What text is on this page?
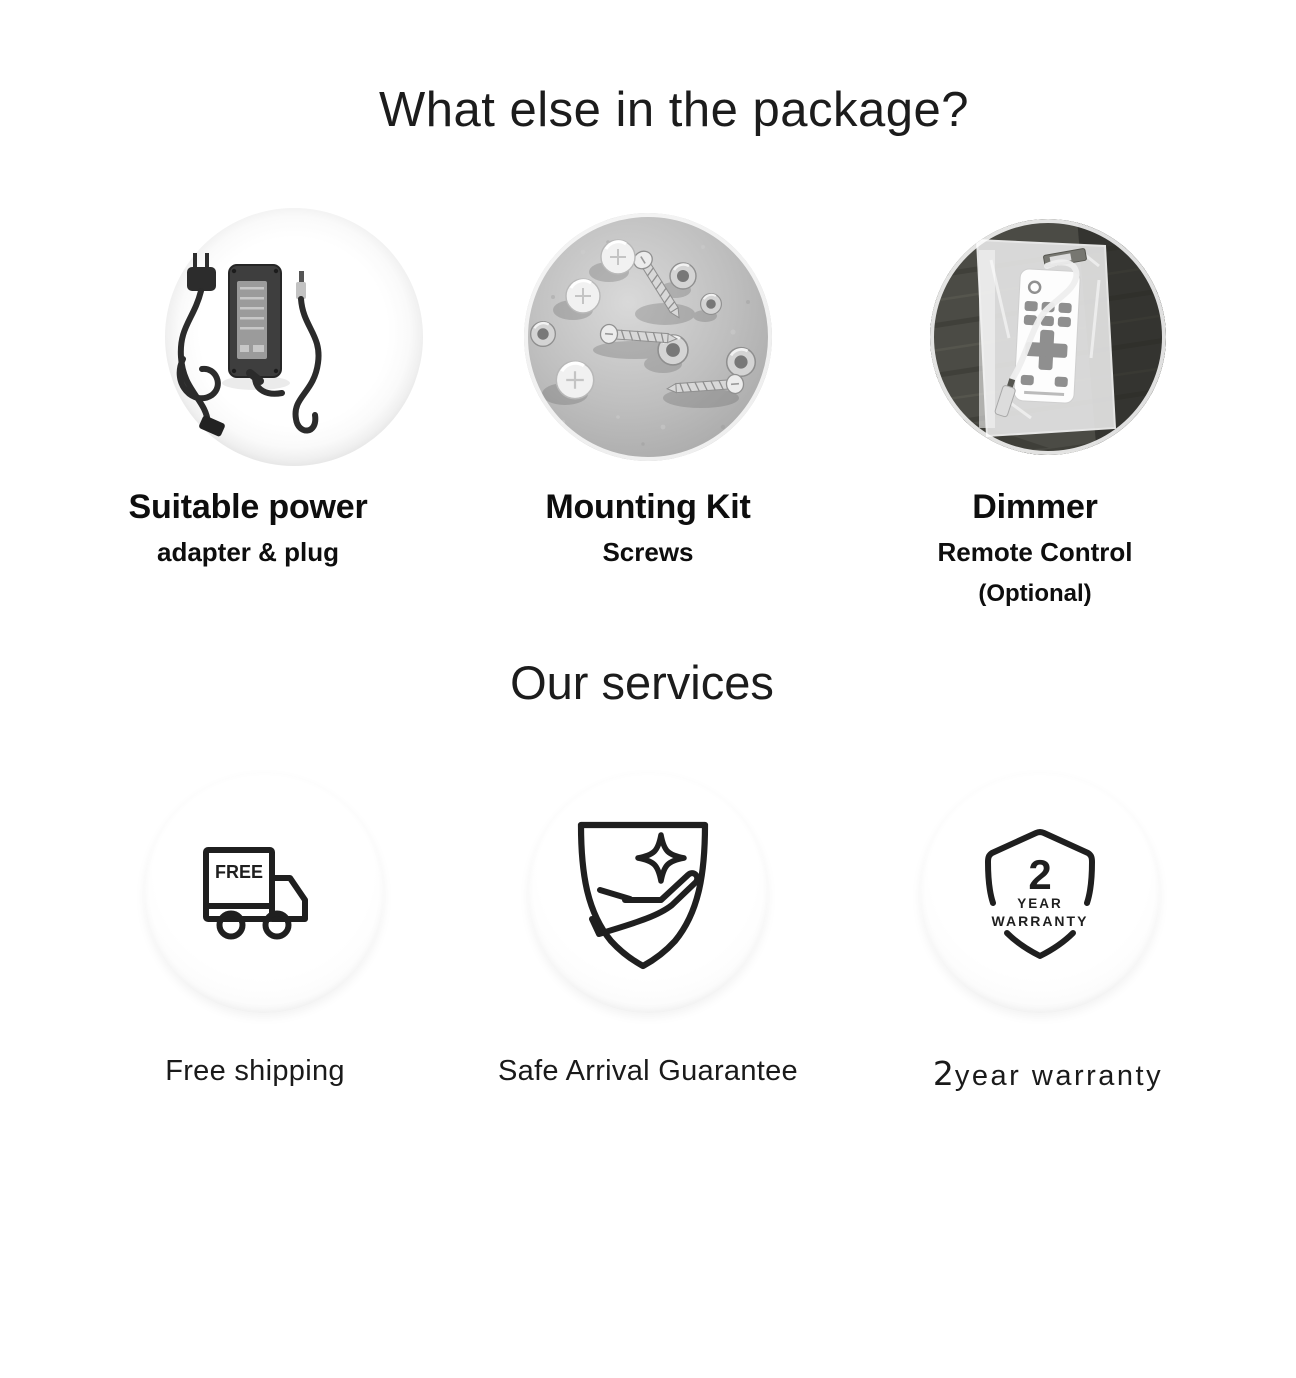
What else in the package?
Suitable power
adapter & plug
Mounting Kit
Screws
Dimmer
Remote Control
(Optional)
Our services
FREE	2
YEAR
WARRANTY
Free shipping	Safe Arrival Guarantee	2year warranty
